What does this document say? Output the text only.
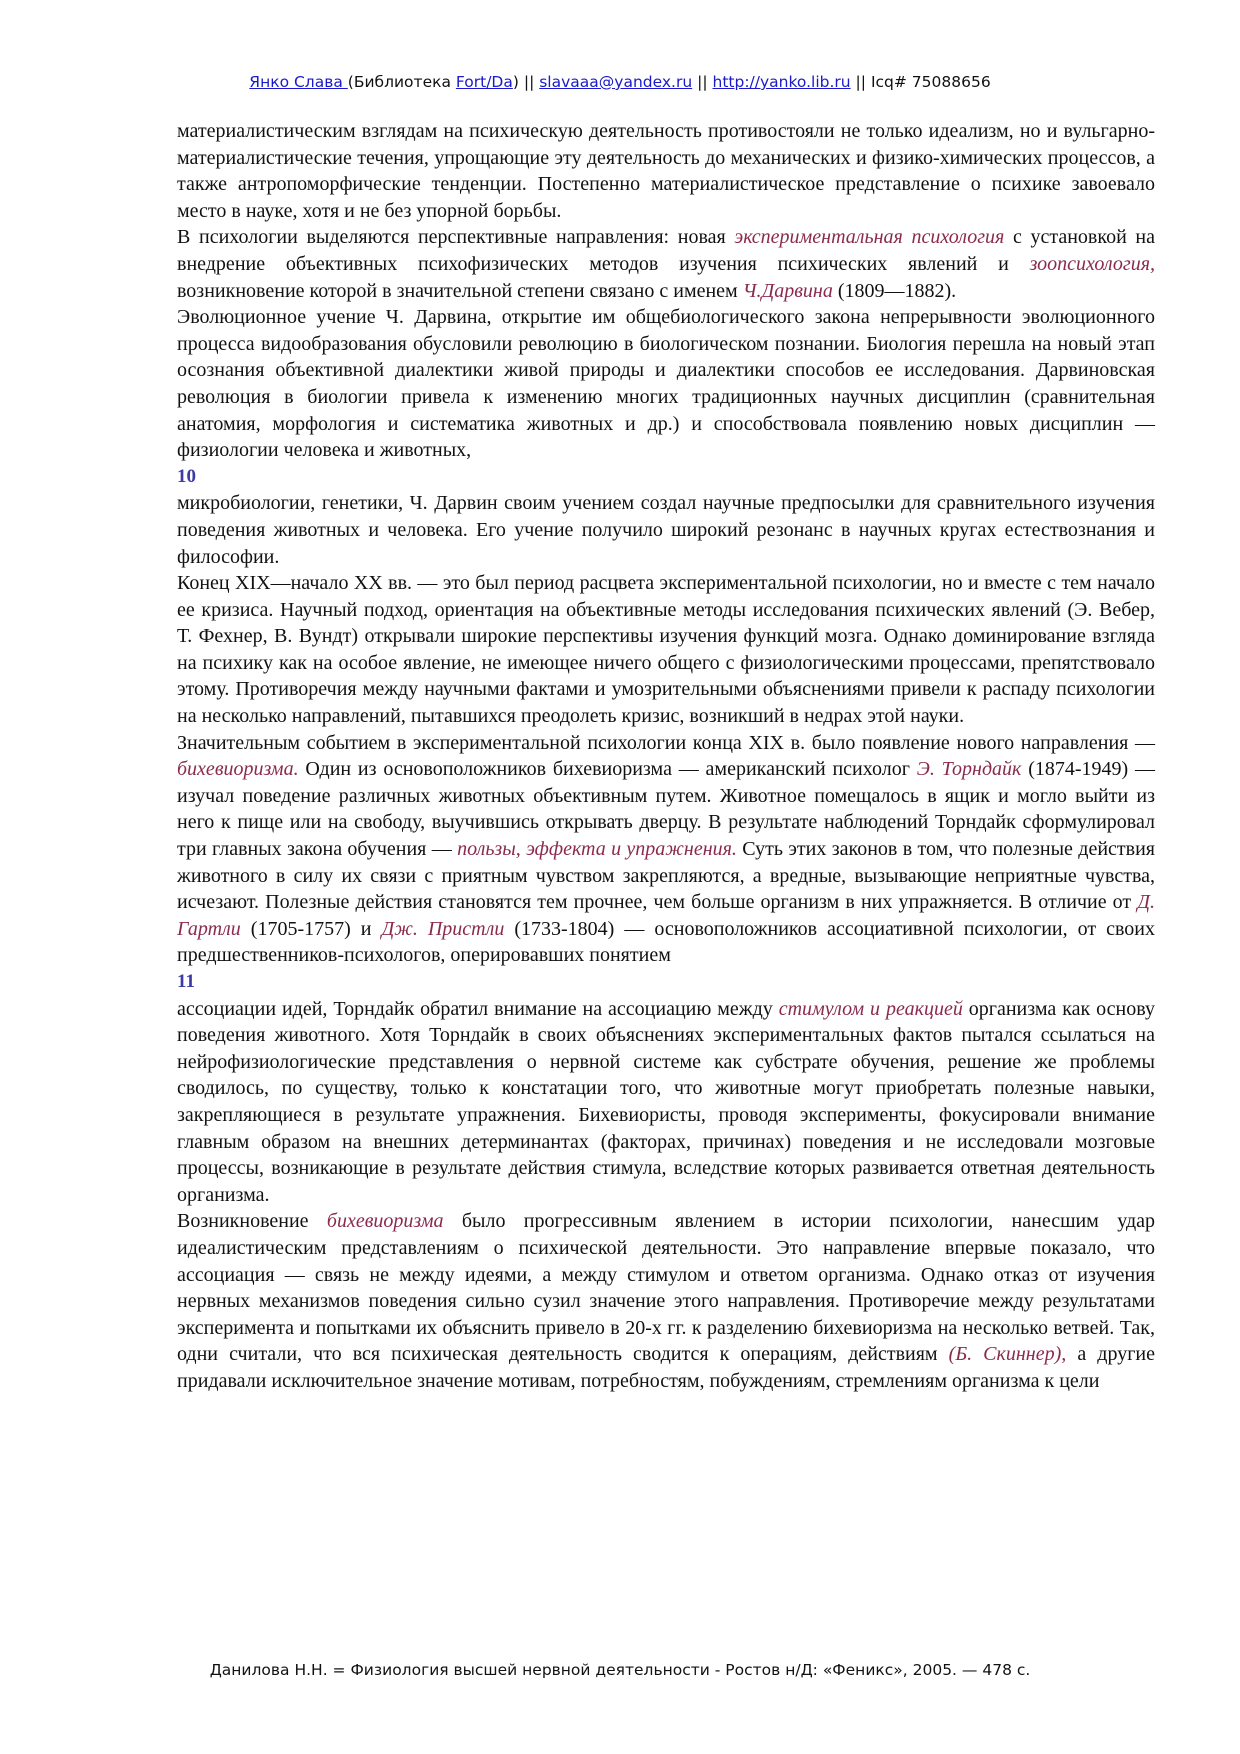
Янко Слава (Библиотека Fort/Da) || slavaaa@yandex.ru || http://yanko.lib.ru || Icq# 75088656

материалистическим взглядам на психическую деятельность противостояли не только идеализм, но и вульгарно-материалистические течения, упрощающие эту деятельность до механических и физико-химических процессов, а также антропоморфические тенденции. Постепенно материалистическое представление о психике завоевало место в науке, хотя и не без упорной борьбы.

В психологии выделяются перспективные направления: новая экспериментальная психология с установкой на внедрение объективных психофизических методов изучения психических явлений и зоопсихология, возникновение которой в значительной степени связано с именем Ч.Дарвина (1809—1882).

Эволюционное учение Ч. Дарвина, открытие им общебиологического закона непрерывности эволюционного процесса видообразования обусловили революцию в биологическом познании. Биология перешла на новый этап осознания объективной диалектики живой природы и диалектики способов ее исследования. Дарвиновская революция в биологии привела к изменению многих традиционных научных дисциплин (сравнительная анатомия, морфология и систематика животных и др.) и способствовала появлению новых дисциплин — физиологии человека и животных,

10

микробиологии, генетики, Ч. Дарвин своим учением создал научные предпосылки для сравнительного изучения поведения животных и человека. Его учение получило широкий резонанс в научных кругах естествознания и философии.

Конец XIX—начало XX вв. — это был период расцвета экспериментальной психологии, но и вместе с тем начало ее кризиса. Научный подход, ориентация на объективные методы исследования психических явлений (Э. Вебер, Т. Фехнер, В. Вундт) открывали широкие перспективы изучения функций мозга. Однако доминирование взгляда на психику как на особое явление, не имеющее ничего общего с физиологическими процессами, препятствовало этому. Противоречия между научными фактами и умозрительными объяснениями привели к распаду психологии на несколько направлений, пытавшихся преодолеть кризис, возникший в недрах этой науки.

Значительным событием в экспериментальной психологии конца XIX в. было появление нового направления — бихевиоризма. Один из основоположников бихевиоризма — американский психолог Э. Торндайк (1874-1949) — изучал поведение различных животных объективным путем. Животное помещалось в ящик и могло выйти из него к пище или на свободу, выучившись открывать дверцу. В результате наблюдений Торндайк сформулировал три главных закона обучения — пользы, эффекта и упражнения. Суть этих законов в том, что полезные действия животного в силу их связи с приятным чувством закрепляются, а вредные, вызывающие неприятные чувства, исчезают. Полезные действия становятся тем прочнее, чем больше организм в них упражняется. В отличие от Д. Гартли (1705-1757) и Дж. Пристли (1733-1804) — основоположников ассоциативной психологии, от своих предшественников-психологов, оперировавших понятием

11

ассоциации идей, Торндайк обратил внимание на ассоциацию между стимулом и реакцией организма как основу поведения животного. Хотя Торндайк в своих объяснениях экспериментальных фактов пытался ссылаться на нейрофизиологические представления о нервной системе как субстрате обучения, решение же проблемы сводилось, по существу, только к констатации того, что животные могут приобретать полезные навыки, закрепляющиеся в результате упражнения. Бихевиористы, проводя эксперименты, фокусировали внимание главным образом на внешних детерминантах (факторах, причинах) поведения и не исследовали мозговые процессы, возникающие в результате действия стимула, вследствие которых развивается ответная деятельность организма.

Возникновение бихевиоризма было прогрессивным явлением в истории психологии, нанесшим удар идеалистическим представлениям о психической деятельности. Это направление впервые показало, что ассоциация — связь не между идеями, а между стимулом и ответом организма. Однако отказ от изучения нервных механизмов поведения сильно сузил значение этого направления. Противоречие между результатами эксперимента и попытками их объяснить привело в 20-х гг. к разделению бихевиоризма на несколько ветвей. Так, одни считали, что вся психическая деятельность сводится к операциям, действиям (Б. Скиннер), а другие придавали исключительное значение мотивам, потребностям, побуждениям, стремлениям организма к цели

Данилова Н.Н. = Физиология высшей нервной деятельности - Ростов н/Д: «Феникс», 2005. — 478 с.
